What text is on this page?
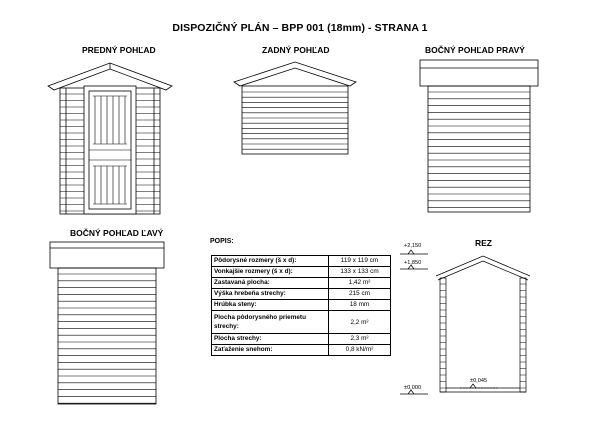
DISPOZIČNÝ PLÁN – BPP 001 (18mm) - STRANA 1
PREDNÝ POHĽAD	ZADNÝ POHĽAD	BOČNÝ POHĽAD PRAVÝ
BOČNÝ POHĽAD ĽAVÝ
REZ
POPIS:
Pôdorysné rozmery (š x d):	119 x 119 cm
Vonkajšie rozmery (š x d):	133 x 133 cm
Zastavaná plocha:	1,42 m²
Výška hrebeňa strechy:	215 cm
Hrúbka steny:	18 mm
Plocha pôdorysného priemetu strechy:	2,2 m²
Plocha strechy:	2,3 m²
Zaťaženie snehom:	0,8 kN/m²
+2,150
+1,850
±0,045
±0,000
